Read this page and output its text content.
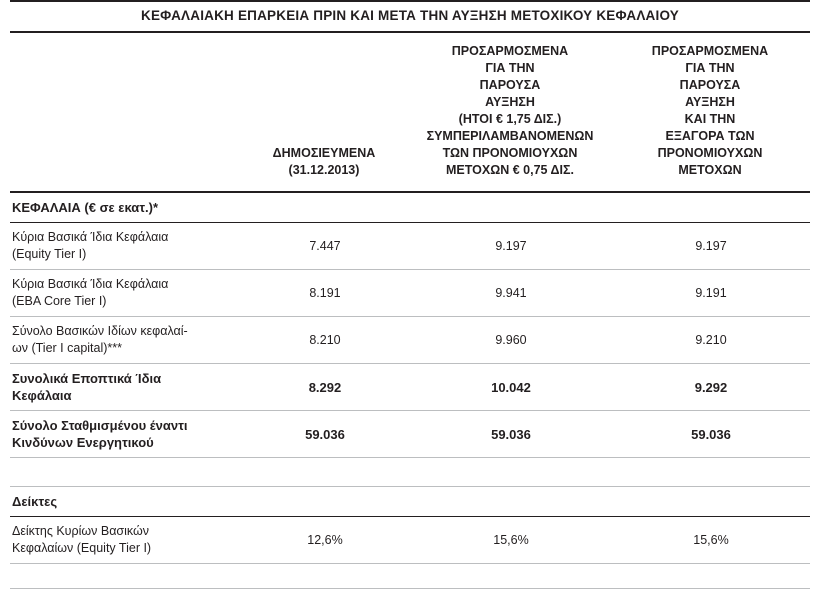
ΚΕΦΑΛΑΙΑΚΗ ΕΠΑΡΚΕΙΑ ΠΡΙΝ ΚΑΙ ΜΕΤΑ ΤΗΝ ΑΥΞΗΣΗ ΜΕΤΟΧΙΚΟΥ ΚΕΦΑΛΑΙΟΥ			

ΔΗΜΟΣΙΕΥΜΕΝΑ
(31.12.2013)

ΠΡΟΣΑΡΜΟΣΜΕΝΑ
ΓΙΑ ΤΗΝ
ΠΑΡΟΥΣΑ
ΑΥΞΗΣΗ
(ΗΤΟΙ € 1,75 ΔΙΣ.)
ΣΥΜΠΕΡΙΛΑΜΒΑΝΟΜΕΝΩΝ
ΤΩΝ ΠΡΟΝΟΜΙΟΥΧΩΝ
ΜΕΤΟΧΩΝ € 0,75 ΔΙΣ.

ΠΡΟΣΑΡΜΟΣΜΕΝΑ
ΓΙΑ ΤΗΝ
ΠΑΡΟΥΣΑ
ΑΥΞΗΣΗ
ΚΑΙ ΤΗΝ
ΕΞΑΓΟΡΑ ΤΩΝ
ΠΡΟΝΟΜΙΟΥΧΩΝ
ΜΕΤΟΧΩΝ

ΚΕΦΑΛΑΙΑ (€ σε εκατ.)*			

Κύρια Βασικά Ίδια Κεφάλαια
(Equity Tier I)	7.447	9.197	9.197

Κύρια Βασικά Ίδια Κεφάλαια
(EBA Core Tier I)	8.191	9.941	9.191

Σύνολο Βασικών Ιδίων κεφαλαί-
ων (Tier I capital)***	8.210	9.960	9.210

Συνολικά Εποπτικά Ίδια
Κεφάλαια	8.292	10.042	9.292

Σύνολο Σταθμισμένου έναντι
Κινδύνων Ενεργητικού	59.036	59.036	59.036

Δείκτες			

Δείκτης Κυρίων Βασικών
Κεφαλαίων (Equity Tier I)	12,6%	15,6%	15,6%
